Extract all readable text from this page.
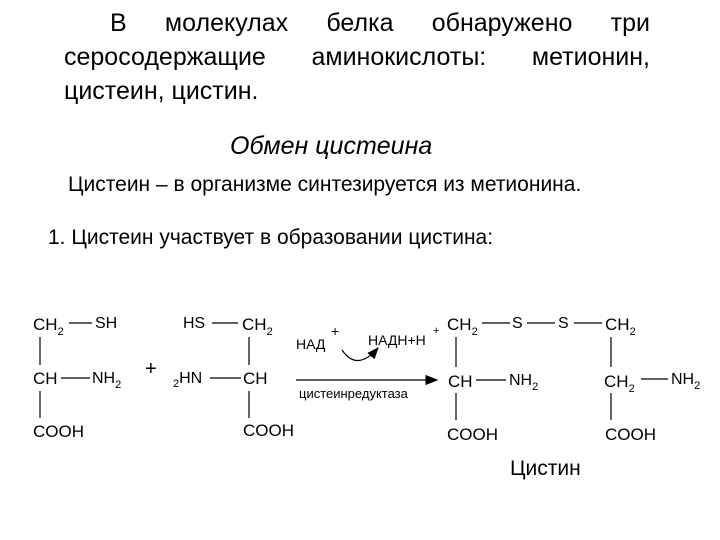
В молекулах белка обнаружено три
серосодержащие аминокислоты: метионин,
цистеин, цистин.
Обмен цистеина
Цистеин – в организме синтезируется из метионина.
1. Цистеин участвует в образовании цистина:
$CH_2$ SH
CH $NH_2$
COOH
+
HS $CH_2$
$_2$HN CH
COOH
НАД
+
НАДН+Н
+
цистеинредуктаза
$CH_2$ S S $CH_2$
CH $NH_2$	$CH_2$
$NH_2$
COOH	COOH
Цистин
